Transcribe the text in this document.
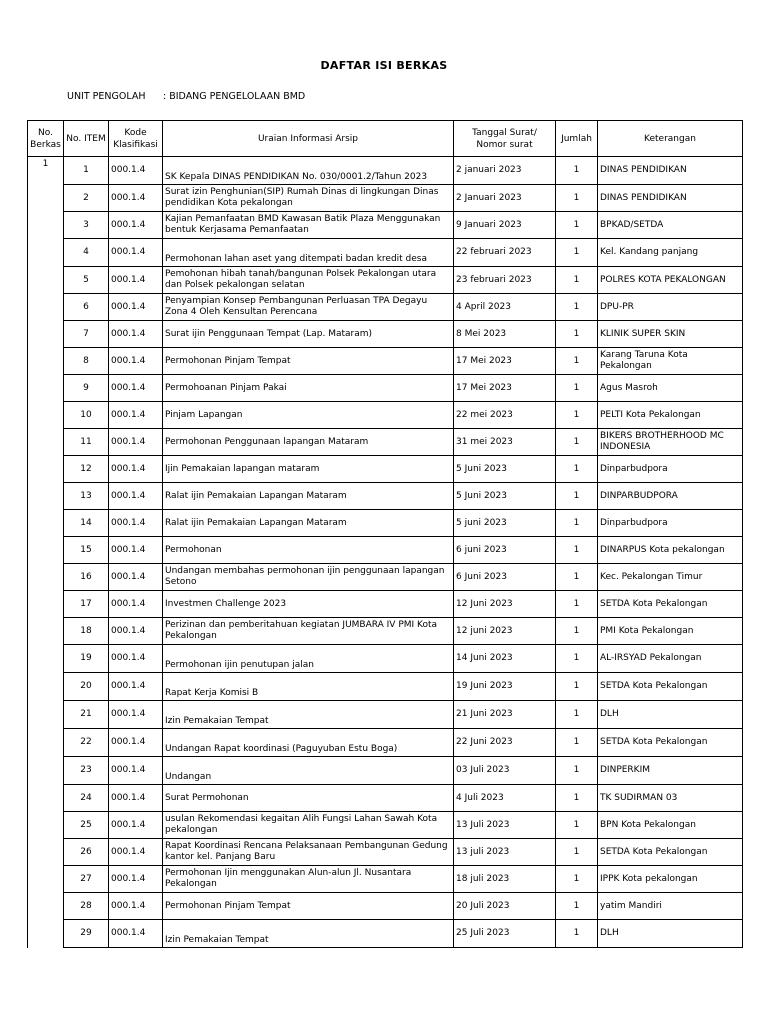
DAFTAR ISI BERKAS
UNIT PENGOLAH : BIDANG PENGELOLAAN BMD
No. Berkas	No. ITEM	Kode Klasifikasi	Uraian Informasi Arsip	Tanggal Surat/ Nomor surat	Jumlah	Keterangan
1	1	000.1.4	SK Kepala DINAS PENDIDIKAN No. 030/0001.2/Tahun 2023	2 januari 2023	1	DINAS PENDIDIKAN
	2	000.1.4	Surat izin Penghunian(SIP) Rumah Dinas di lingkungan Dinas pendidikan Kota pekalongan	2 Januari 2023	1	DINAS PENDIDIKAN
	3	000.1.4	Kajian Pemanfaatan BMD Kawasan Batik Plaza Menggunakan bentuk Kerjasama Pemanfaatan	9 Januari 2023	1	BPKAD/SETDA
	4	000.1.4	Permohonan lahan aset yang ditempati badan kredit desa	22 februari 2023	1	Kel. Kandang panjang
	5	000.1.4	Pemohonan hibah tanah/bangunan Polsek Pekalongan utara dan Polsek pekalongan selatan	23 februari 2023	1	POLRES KOTA PEKALONGAN
	6	000.1.4	Penyampian Konsep Pembangunan Perluasan TPA Degayu Zona 4 Oleh Kensultan Perencana	4 April 2023	1	DPU-PR
	7	000.1.4	Surat ijin Penggunaan Tempat (Lap. Mataram)	8 Mei 2023	1	KLINIK SUPER SKIN
	8	000.1.4	Permohonan Pinjam Tempat	17 Mei 2023	1	Karang Taruna Kota Pekalongan
	9	000.1.4	Permohoanan Pinjam Pakai	17 Mei 2023	1	Agus Masroh
	10	000.1.4	Pinjam Lapangan	22 mei 2023	1	PELTI Kota Pekalongan
	11	000.1.4	Permohonan Penggunaan lapangan Mataram	31 mei 2023	1	BIKERS BROTHERHOOD MC INDONESIA
	12	000.1.4	Ijin Pemakaian lapangan mataram	5 Juni 2023	1	Dinparbudpora
	13	000.1.4	Ralat ijin Pemakaian Lapangan Mataram	5 Juni 2023	1	DINPARBUDPORA
	14	000.1.4	Ralat ijin Pemakaian Lapangan Mataram	5 juni 2023	1	Dinparbudpora
	15	000.1.4	Permohonan	6 juni 2023	1	DINARPUS Kota pekalongan
	16	000.1.4	Undangan membahas permohonan ijin penggunaan lapangan Setono	6 Juni 2023	1	Kec. Pekalongan Timur
	17	000.1.4	Investmen Challenge 2023	12 Juni 2023	1	SETDA Kota Pekalongan
	18	000.1.4	Perizinan dan pemberitahuan kegiatan JUMBARA IV PMI Kota Pekalongan	12 juni 2023	1	PMI Kota Pekalongan
	19	000.1.4	Permohonan ijin penutupan jalan	14 Juni 2023	1	AL-IRSYAD Pekalongan
	20	000.1.4	Rapat Kerja Komisi B	19 Juni 2023	1	SETDA Kota Pekalongan
	21	000.1.4	Izin Pemakaian Tempat	21 Juni 2023	1	DLH
	22	000.1.4	Undangan Rapat koordinasi (Paguyuban Estu Boga)	22 Juni 2023	1	SETDA Kota Pekalongan
	23	000.1.4	Undangan	03 Juli 2023	1	DINPERKIM
	24	000.1.4	Surat Permohonan	4 Juli 2023	1	TK SUDIRMAN 03
	25	000.1.4	usulan Rekomendasi kegaitan Alih Fungsi Lahan Sawah Kota pekalongan	13 Juli 2023	1	BPN Kota Pekalongan
	26	000.1.4	Rapat Koordinasi Rencana Pelaksanaan Pembangunan Gedung kantor kel. Panjang Baru	13 juli 2023	1	SETDA Kota Pekalongan
	27	000.1.4	Permohonan Ijin menggunakan Alun-alun Jl. Nusantara Pekalongan	18 juli 2023	1	IPPK Kota pekalongan
	28	000.1.4	Permohonan Pinjam Tempat	20 Juli 2023	1	yatim Mandiri
	29	000.1.4	Izin Pemakaian Tempat	25 Juli 2023	1	DLH
